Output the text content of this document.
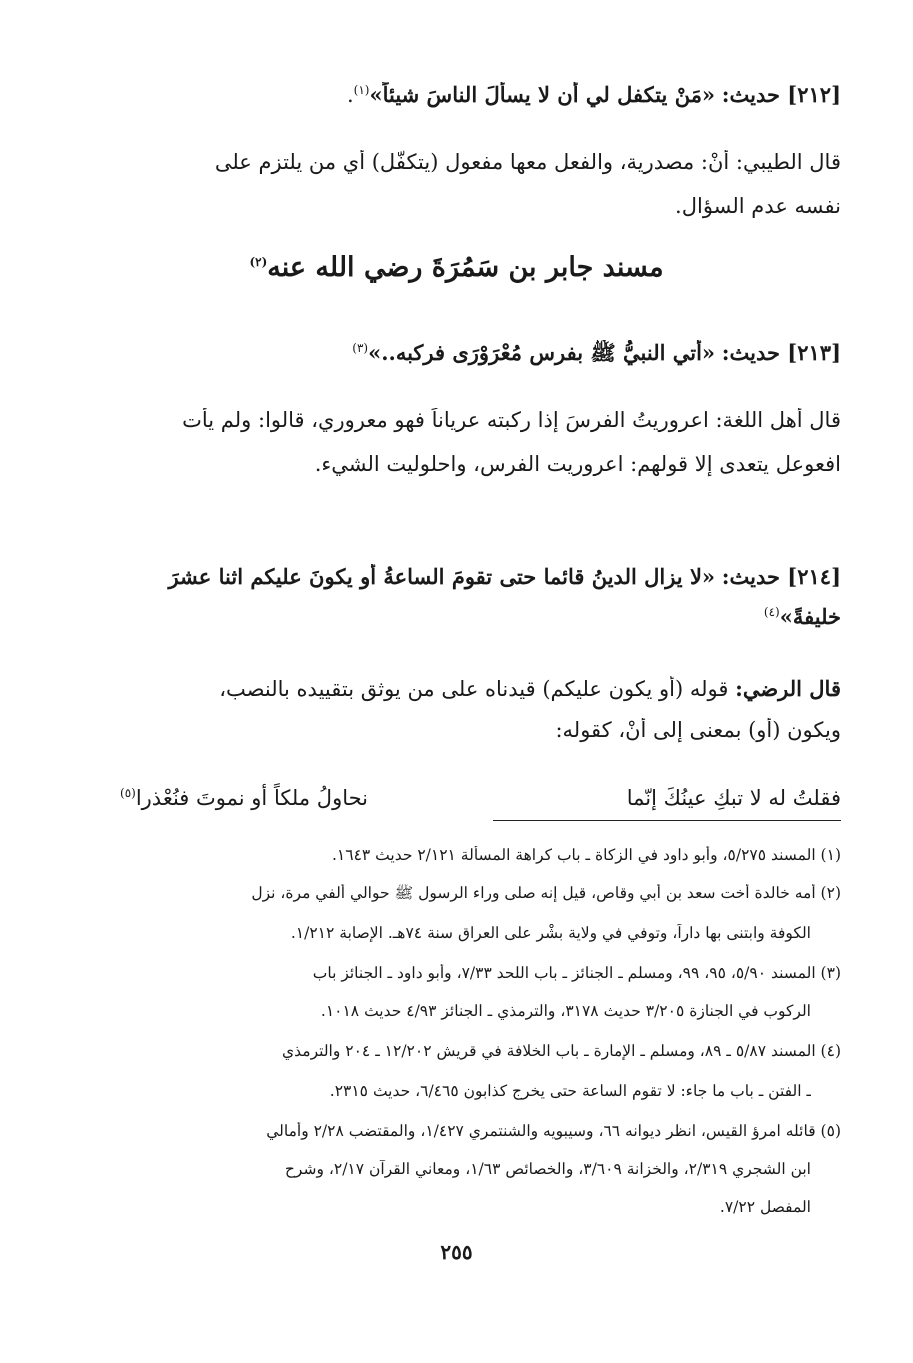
[٢١٢] حديث: «مَنْ يتكفل لي أن لا يسألَ الناسَ شيئاً»$^{(١)}$.
قال الطيبي: أنْ: مصدرية، والفعل معها مفعول (يتكفّل) أي من يلتزم على
نفسه عدم السؤال.
مسند جابر بن سَمُرَةَ رضي الله عنه$^{(٢)}$
[٢١٣] حديث: «أُتي النبيُّ ﷺ بفرسٍ مُعْرَوْرَى فركبه..»$^{(٣)}$
قال أهل اللغة: اعروريتُ الفرسَ إذا ركبته عرياناً فهو معروري، قالوا: ولم يأت
افعوعل يتعدى إلا قولهم: اعروريت الفرس، واحلوليت الشيء.
[٢١٤] حديث: «لا يزال الدينُ قائما حتى تقومَ الساعةُ أو يكونَ عليكم اثنا عشرَ
خليفةً»$^{(٤)}$
قال الرضي: قوله (أو يكون عليكم) قيدناه على من يوثق بتقييده بالنصب،
ويكون (أو) بمعنى إلى أنْ، كقوله:
فقلتُ له لا تبكِ عينُكَ إنّما
نحاولُ ملكاً أو نموتَ فنُعْذرا$^{(٥)}$
(١) المسند ٥/٢٧٥، وأبو داود في الزكاة ـ باب كراهة المسألة ٢/١٢١ حديث ١٦٤٣.
(٢) أمه خالدة أخت سعد بن أبي وقاص، قيل إنه صلى وراء الرسول ﷺ حوالي ألفي مرة، نزل
الكوفة وابتنى بها داراً، وتوفي في ولاية بشْر على العراق سنة ٧٤هـ. الإصابة ١/٢١٢.
(٣) المسند ٥/٩٠، ٩٥، ٩٩، ومسلم ـ الجنائز ـ باب اللحد ٧/٣٣، وأبو داود ـ الجنائز باب
الركوب في الجنازة ٣/٢٠٥ حديث ٣١٧٨، والترمذي ـ الجنائز ٤/٩٣ حديث ١٠١٨.
(٤) المسند ٥/٨٧ ـ ٨٩، ومسلم ـ الإمارة ـ باب الخلافة في قريش ١٢/٢٠٢ ـ ٢٠٤ والترمذي
ـ الفتن ـ باب ما جاء: لا تقوم الساعة حتى يخرج كذابون ٦/٤٦٥، حديث ٢٣١٥.
(٥) قائله امرؤ القيس، انظر ديوانه ٦٦، وسيبويه والشنتمري ١/٤٢٧، والمقتضب ٢/٢٨ وأمالي
ابن الشجري ٢/٣١٩، والخزانة ٣/٦٠٩، والخصائص ١/٦٣، ومعاني القرآن ٢/١٧، وشرح
المفصل ٧/٢٢.
٢٥٥
